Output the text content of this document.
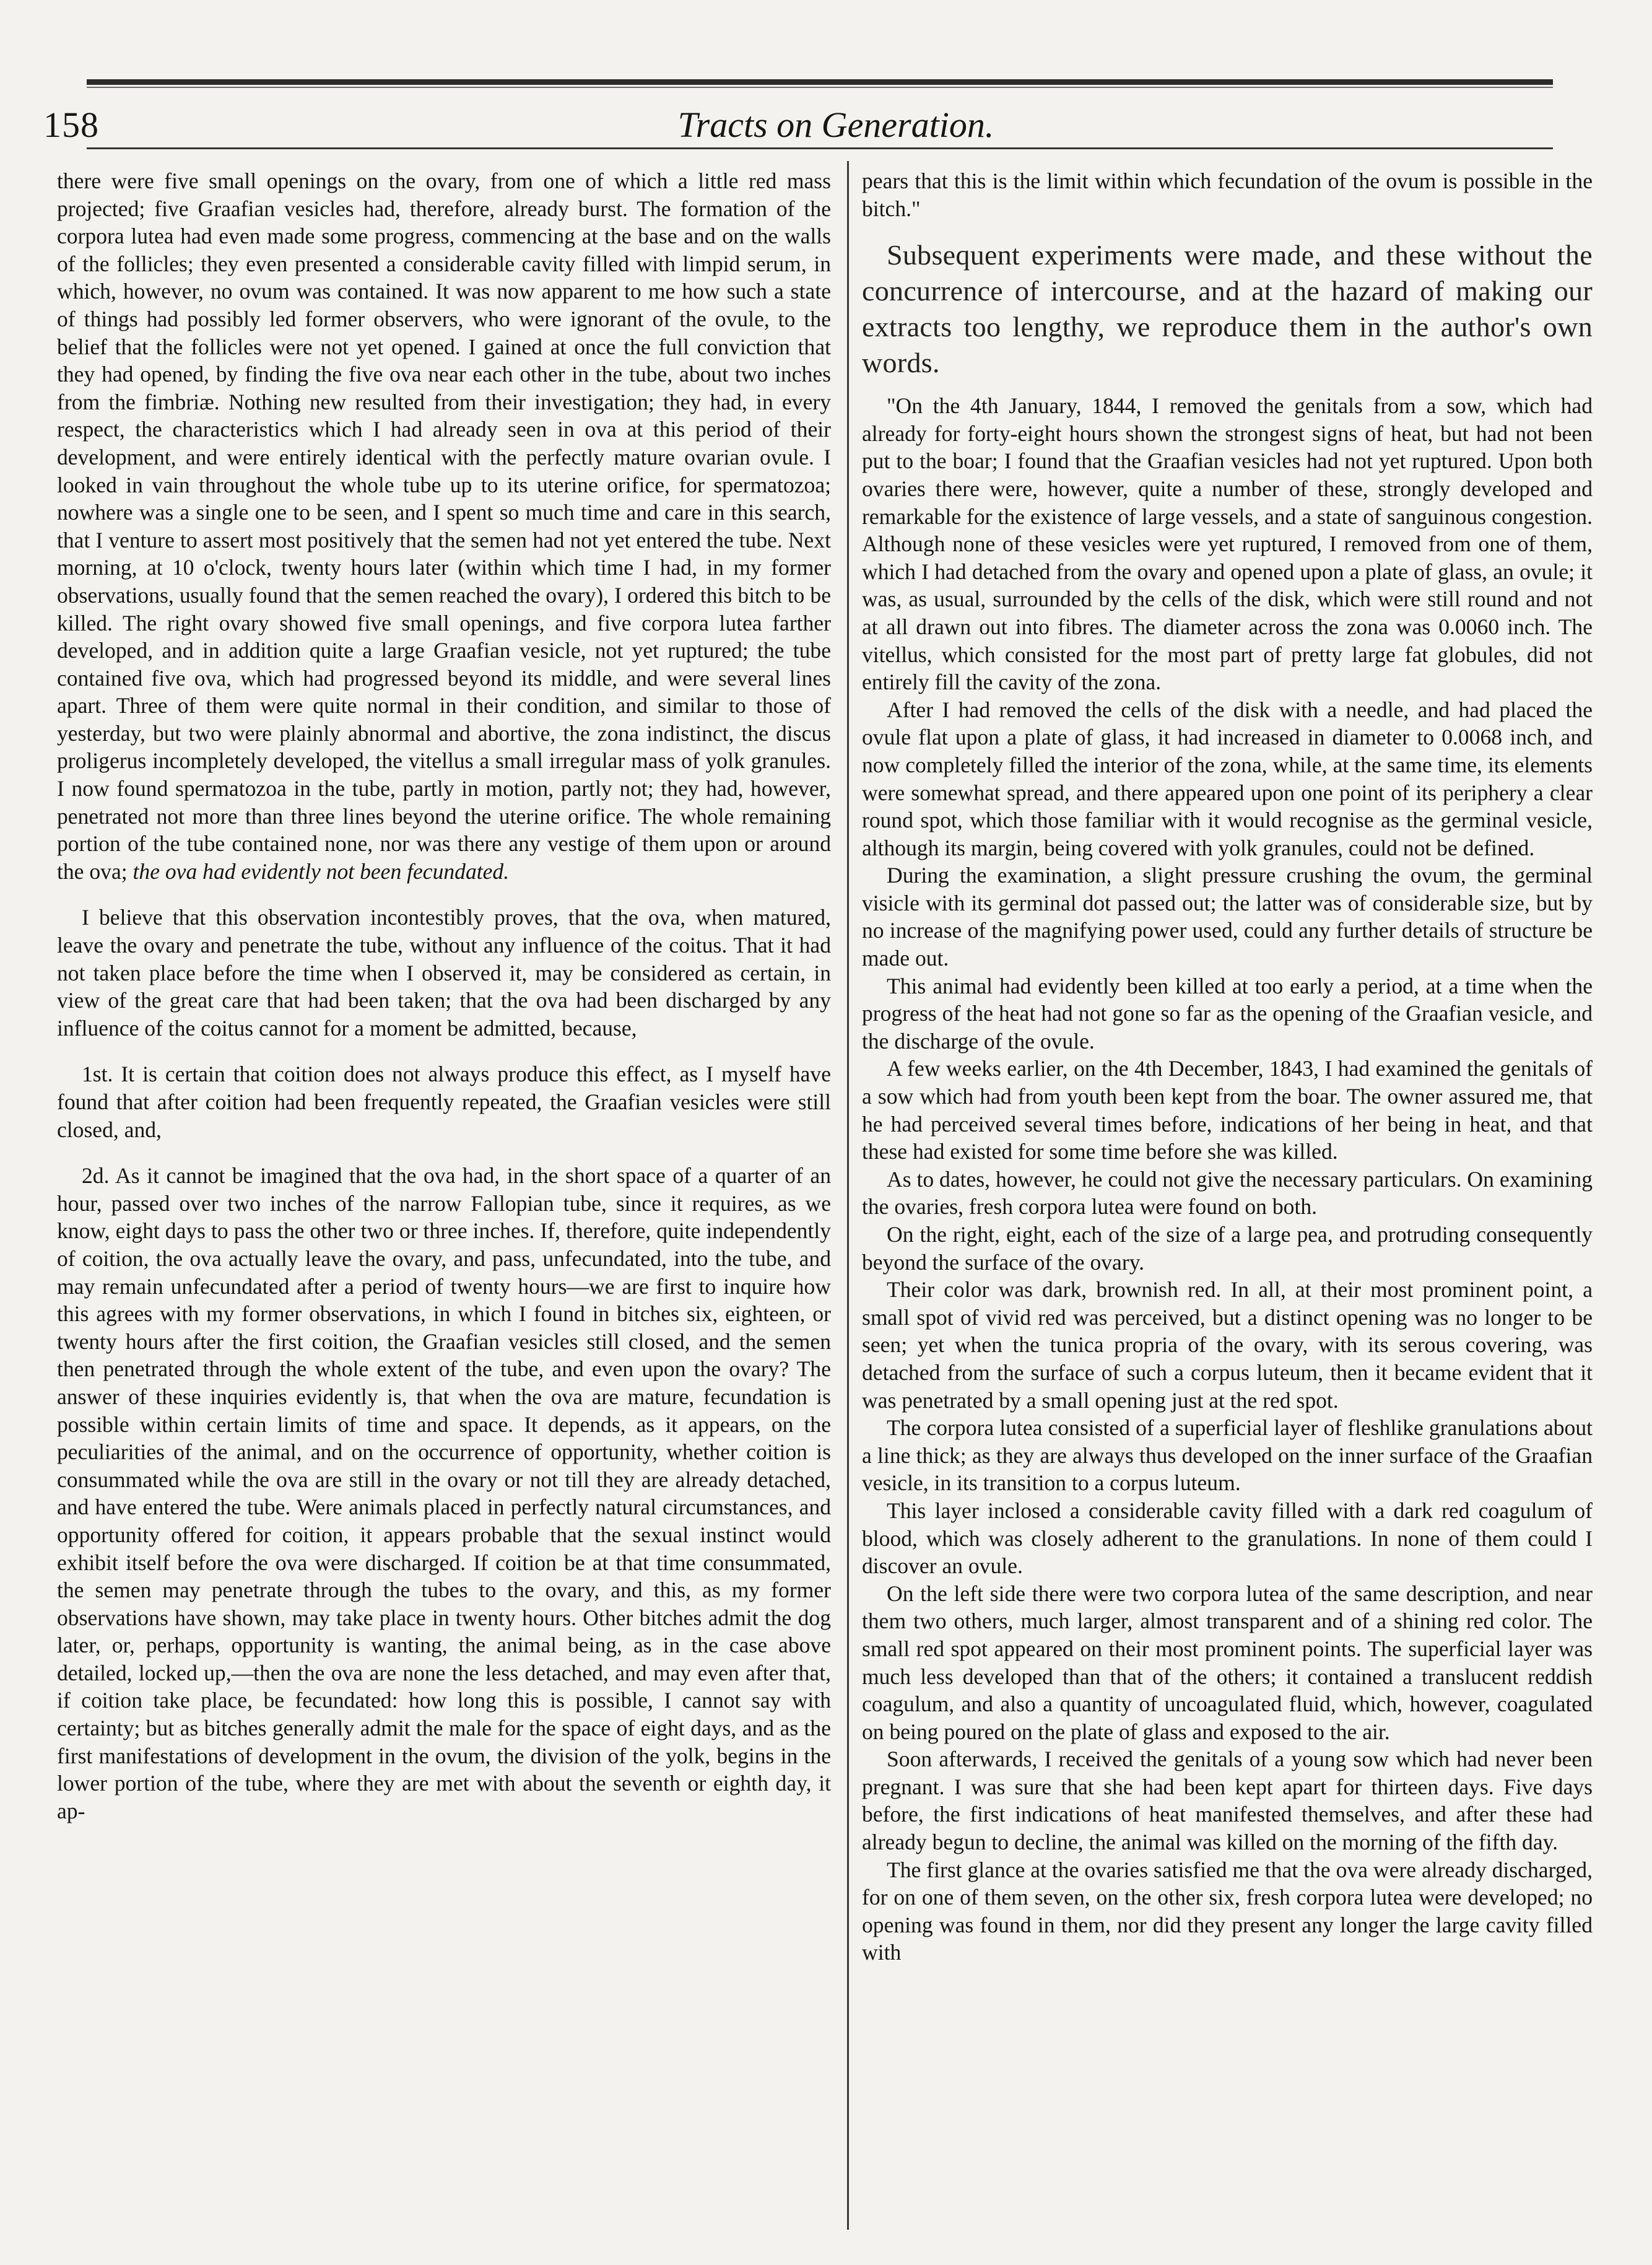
158	Tracts on Generation.

there were five small openings on the ovary, from one of which a little red mass projected; five Graafian vesicles had, therefore, already burst. The formation of the corpora lutea had even made some progress, commencing at the base and on the walls of the follicles; they even presented a considerable cavity filled with limpid serum, in which, however, no ovum was contained. It was now apparent to me how such a state of things had possibly led former observers, who were ignorant of the ovule, to the belief that the follicles were not yet opened. I gained at once the full conviction that they had opened, by finding the five ova near each other in the tube, about two inches from the fimbriæ. Nothing new resulted from their investigation; they had, in every respect, the characteristics which I had already seen in ova at this period of their development, and were entirely identical with the perfectly mature ovarian ovule. I looked in vain throughout the whole tube up to its uterine orifice, for spermatozoa; nowhere was a single one to be seen, and I spent so much time and care in this search, that I venture to assert most positively that the semen had not yet entered the tube. Next morning, at 10 o'clock, twenty hours later (within which time I had, in my former observations, usually found that the semen reached the ovary), I ordered this bitch to be killed. The right ovary showed five small openings, and five corpora lutea farther developed, and in addition quite a large Graafian vesicle, not yet ruptured; the tube contained five ova, which had progressed beyond its middle, and were several lines apart. Three of them were quite normal in their condition, and similar to those of yesterday, but two were plainly abnormal and abortive, the zona indistinct, the discus proligerus incompletely developed, the vitellus a small irregular mass of yolk granules. I now found spermatozoa in the tube, partly in motion, partly not; they had, however, penetrated not more than three lines beyond the uterine orifice. The whole remaining portion of the tube contained none, nor was there any vestige of them upon or around the ova; the ova had evidently not been fecundated.

I believe that this observation incontestibly proves, that the ova, when matured, leave the ovary and penetrate the tube, without any influence of the coitus. That it had not taken place before the time when I observed it, may be considered as certain, in view of the great care that had been taken; that the ova had been discharged by any influence of the coitus cannot for a moment be admitted, because,

1st. It is certain that coition does not always produce this effect, as I myself have found that after coition had been frequently repeated, the Graafian vesicles were still closed, and,

2d. As it cannot be imagined that the ova had, in the short space of a quarter of an hour, passed over two inches of the narrow Fallopian tube, since it requires, as we know, eight days to pass the other two or three inches. If, therefore, quite independently of coition, the ova actually leave the ovary, and pass, unfecundated, into the tube, and may remain unfecundated after a period of twenty hours—we are first to inquire how this agrees with my former observations, in which I found in bitches six, eighteen, or twenty hours after the first coition, the Graafian vesicles still closed, and the semen then penetrated through the whole extent of the tube, and even upon the ovary? The answer of these inquiries evidently is, that when the ova are mature, fecundation is possible within certain limits of time and space. It depends, as it appears, on the peculiarities of the animal, and on the occurrence of opportunity, whether coition is consummated while the ova are still in the ovary or not till they are already detached, and have entered the tube. Were animals placed in perfectly natural circumstances, and opportunity offered for coition, it appears probable that the sexual instinct would exhibit itself before the ova were discharged. If coition be at that time consummated, the semen may penetrate through the tubes to the ovary, and this, as my former observations have shown, may take place in twenty hours. Other bitches admit the dog later, or, perhaps, opportunity is wanting, the animal being, as in the case above detailed, locked up,—then the ova are none the less detached, and may even after that, if coition take place, be fecundated: how long this is possible, I cannot say with certainty; but as bitches generally admit the male for the space of eight days, and as the first manifestations of development in the ovum, the division of the yolk, begins in the lower portion of the tube, where they are met with about the seventh or eighth day, it ap-

pears that this is the limit within which fecundation of the ovum is possible in the bitch."

Subsequent experiments were made, and these without the concurrence of intercourse, and at the hazard of making our extracts too lengthy, we reproduce them in the author's own words.

"On the 4th January, 1844, I removed the genitals from a sow, which had already for forty-eight hours shown the strongest signs of heat, but had not been put to the boar; I found that the Graafian vesicles had not yet ruptured. Upon both ovaries there were, however, quite a number of these, strongly developed and remarkable for the existence of large vessels, and a state of sanguinous congestion. Although none of these vesicles were yet ruptured, I removed from one of them, which I had detached from the ovary and opened upon a plate of glass, an ovule; it was, as usual, surrounded by the cells of the disk, which were still round and not at all drawn out into fibres. The diameter across the zona was 0.0060 inch. The vitellus, which consisted for the most part of pretty large fat globules, did not entirely fill the cavity of the zona.

After I had removed the cells of the disk with a needle, and had placed the ovule flat upon a plate of glass, it had increased in diameter to 0.0068 inch, and now completely filled the interior of the zona, while, at the same time, its elements were somewhat spread, and there appeared upon one point of its periphery a clear round spot, which those familiar with it would recognise as the germinal vesicle, although its margin, being covered with yolk granules, could not be defined.

During the examination, a slight pressure crushing the ovum, the germinal visicle with its germinal dot passed out; the latter was of considerable size, but by no increase of the magnifying power used, could any further details of structure be made out.

This animal had evidently been killed at too early a period, at a time when the progress of the heat had not gone so far as the opening of the Graafian vesicle, and the discharge of the ovule.

A few weeks earlier, on the 4th December, 1843, I had examined the genitals of a sow which had from youth been kept from the boar. The owner assured me, that he had perceived several times before, indications of her being in heat, and that these had existed for some time before she was killed.

As to dates, however, he could not give the necessary particulars. On examining the ovaries, fresh corpora lutea were found on both.

On the right, eight, each of the size of a large pea, and protruding consequently beyond the surface of the ovary.

Their color was dark, brownish red. In all, at their most prominent point, a small spot of vivid red was perceived, but a distinct opening was no longer to be seen; yet when the tunica propria of the ovary, with its serous covering, was detached from the surface of such a corpus luteum, then it became evident that it was penetrated by a small opening just at the red spot.

The corpora lutea consisted of a superficial layer of fleshlike granulations about a line thick; as they are always thus developed on the inner surface of the Graafian vesicle, in its transition to a corpus luteum.

This layer inclosed a considerable cavity filled with a dark red coagulum of blood, which was closely adherent to the granulations. In none of them could I discover an ovule.

On the left side there were two corpora lutea of the same description, and near them two others, much larger, almost transparent and of a shining red color. The small red spot appeared on their most prominent points. The superficial layer was much less developed than that of the others; it contained a translucent reddish coagulum, and also a quantity of uncoagulated fluid, which, however, coagulated on being poured on the plate of glass and exposed to the air.

Soon afterwards, I received the genitals of a young sow which had never been pregnant. I was sure that she had been kept apart for thirteen days. Five days before, the first indications of heat manifested themselves, and after these had already begun to decline, the animal was killed on the morning of the fifth day.

The first glance at the ovaries satisfied me that the ova were already discharged, for on one of them seven, on the other six, fresh corpora lutea were developed; no opening was found in them, nor did they present any longer the large cavity filled with
